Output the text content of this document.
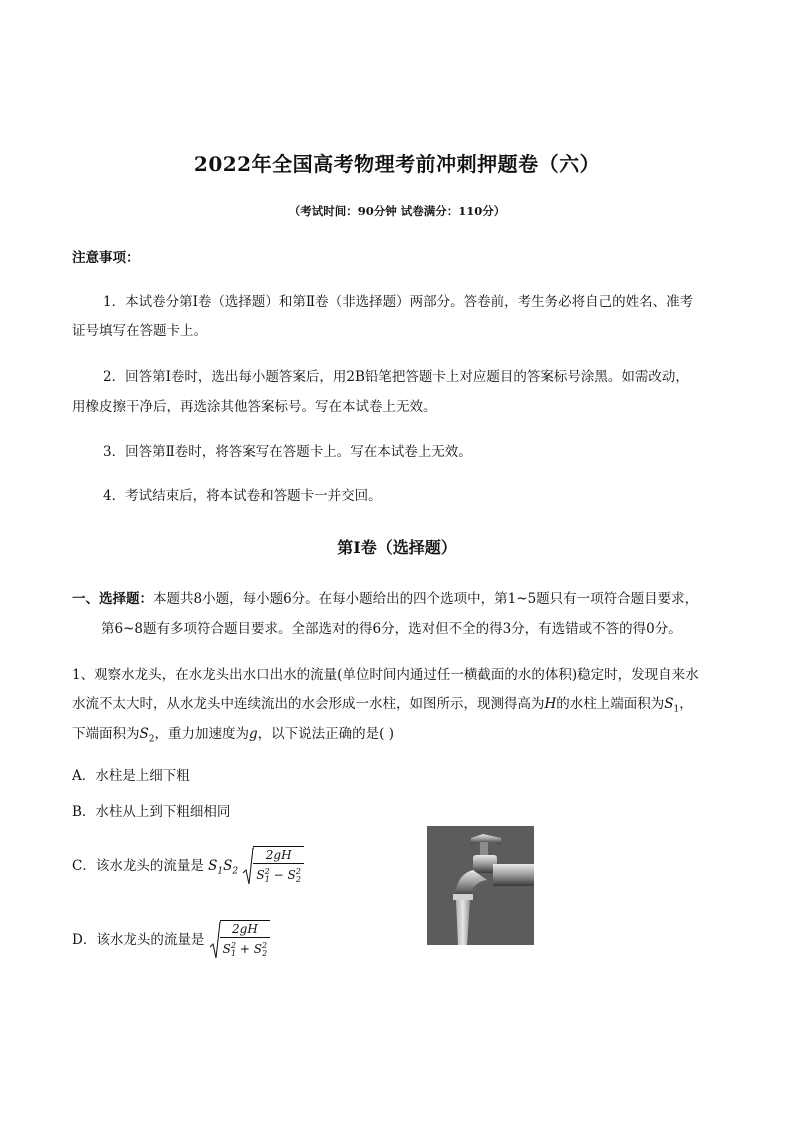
2022年全国高考物理考前冲刺押题卷（六）
（考试时间：90分钟 试卷满分：110分）
注意事项：
1．本试卷分第Ⅰ卷（选择题）和第Ⅱ卷（非选择题）两部分。答卷前，考生务必将自己的姓名、准考
证号填写在答题卡上。
2．回答第Ⅰ卷时，选出每小题答案后，用2B铅笔把答题卡上对应题目的答案标号涂黑。如需改动，
用橡皮擦干净后，再选涂其他答案标号。写在本试卷上无效。
3．回答第Ⅱ卷时，将答案写在答题卡上。写在本试卷上无效。
4．考试结束后，将本试卷和答题卡一并交回。
第Ⅰ卷（选择题）
一、选择题：本题共8小题，每小题6分。在每小题给出的四个选项中，第1~5题只有一项符合题目要求，
第6~8题有多项符合题目要求。全部选对的得6分，选对但不全的得3分，有选错或不答的得0分。
1、观察水龙头，在水龙头出水口出水的流量(单位时间内通过任一横截面的水的体积)稳定时，发现自来水
水流不太大时，从水龙头中连续流出的水会形成一水柱，如图所示，现测得高为H的水柱上端面积为$S_1$，
下端面积为$S_2$，重力加速度为g，以下说法正确的是( )
A．水柱是上细下粗
B．水柱从上到下粗细相同
C．该水龙头的流量是 $S_1S_2 \frac{2gH}{S^2_1 - S^2_2}$
D．该水龙头的流量是 $\frac{2gH}{S^2_1 + S^2_2}$
